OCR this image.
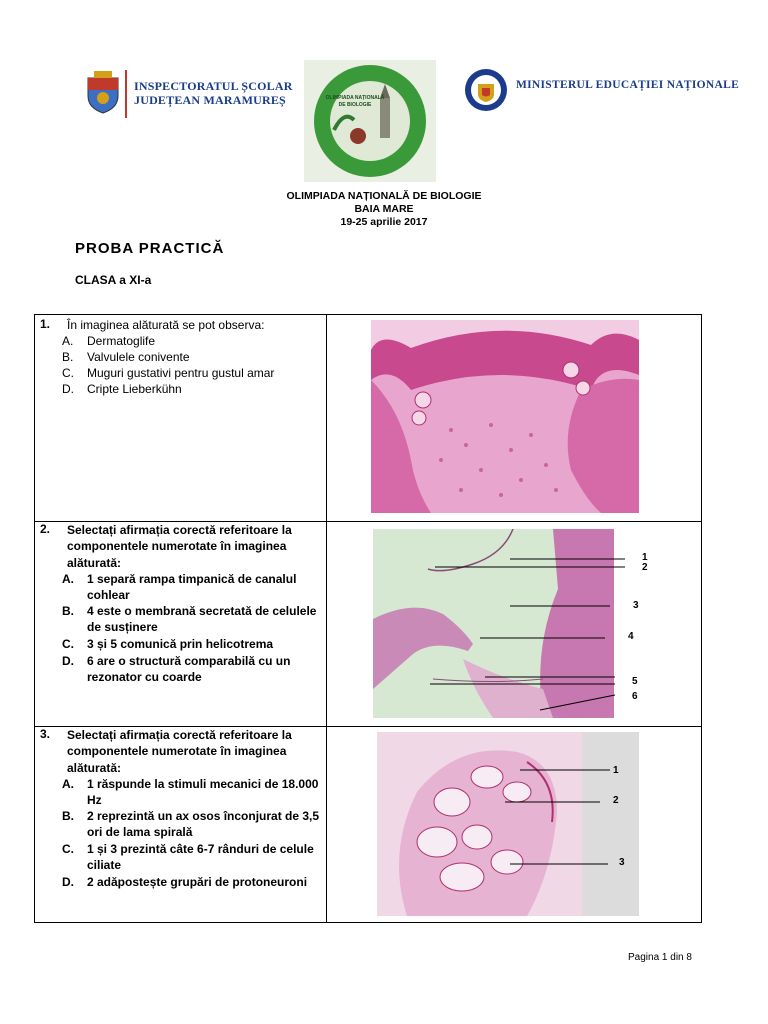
INSPECTORATUL ȘCOLAR
JUDEȚEAN MARAMUREȘ	OLIMPIADA NAȚIONALĂ
DE BIOLOGIE
MINISTERUL EDUCAȚIEI NAȚIONALE
OLIMPIADA NAȚIONALĂ DE BIOLOGIE
BAIA MARE
19-25 aprilie 2017
PROBA PRACTICĂ
CLASA a XI-a
1. În imaginea alăturată se pot observa:
A. Dermatoglife
B. Valvulele conivente
C. Muguri gustativi pentru gustul amar
D. Cripte Lieberkühn
2. Selectați afirmația corectă referitoare la componentele numerotate în imaginea alăturată:
A. 1 separă rampa timpanică de canalul cohlear
B. 4 este o membrană secretată de celulele de susținere
C. 3 și 5 comunică prin helicotrema
D. 6 are o structură comparabilă cu un rezonator cu coarde
1
2
3
4
5
6
3. Selectați afirmația corectă referitoare la componentele numerotate în imaginea alăturată:
A. 1 răspunde la stimuli mecanici de 18.000 Hz
B. 2 reprezintă un ax osos înconjurat de 3,5 ori de lama spirală
C. 1 și 3 prezintă câte 6-7 rânduri de celule ciliate
D. 2 adăpostește grupări de protoneuroni
1
2
3
Pagina 1 din 8
